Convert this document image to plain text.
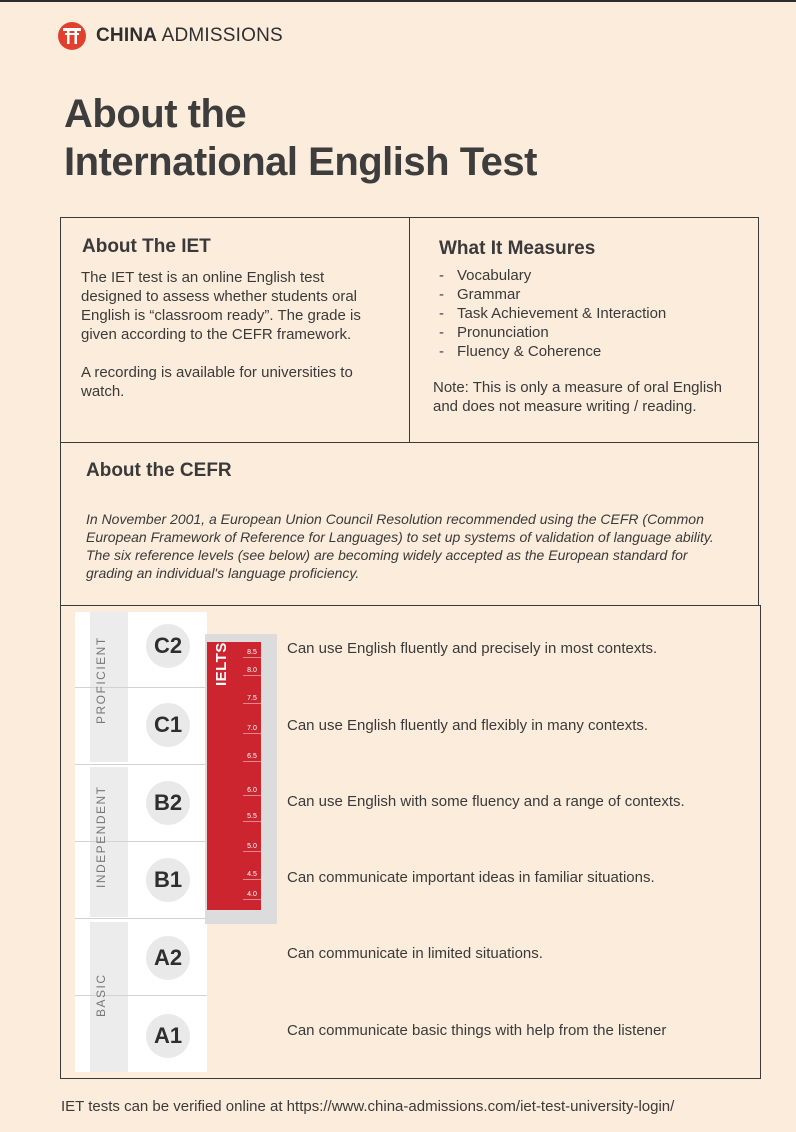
CHINA ADMISSIONS
About the
International English Test
About The IET
The IET test is an online English test designed to assess whether students oral English is “classroom ready”. The grade is given according to the CEFR framework.
A recording is available for universities to watch.
What It Measures
- Vocabulary
- Grammar
- Task Achievement & Interaction
- Pronunciation
- Fluency & Coherence
Note: This is only a measure of oral English and does not measure writing / reading.
About the CEFR
In November 2001, a European Union Council Resolution recommended using the CEFR (Common European Framework of Reference for Languages) to set up systems of validation of language ability. The six reference levels (see below) are becoming widely accepted as the European standard for grading an individual's language proficiency.
PROFICIENT
INDEPENDENT
BASIC
C2
C1
B2
B1
A2
A1
IELTS	8.5
8.0
7.5
7.0
6.5
6.0
5.5
5.0
4.5
4.0
Can use English fluently and precisely in most contexts.
Can use English fluently and flexibly in many contexts.
Can use English with some fluency and a range of contexts.
Can communicate important ideas in familiar situations.
Can communicate in limited situations.
Can communicate basic things with help from the listener
IET tests can be verified online at https://www.china-admissions.com/iet-test-university-login/
